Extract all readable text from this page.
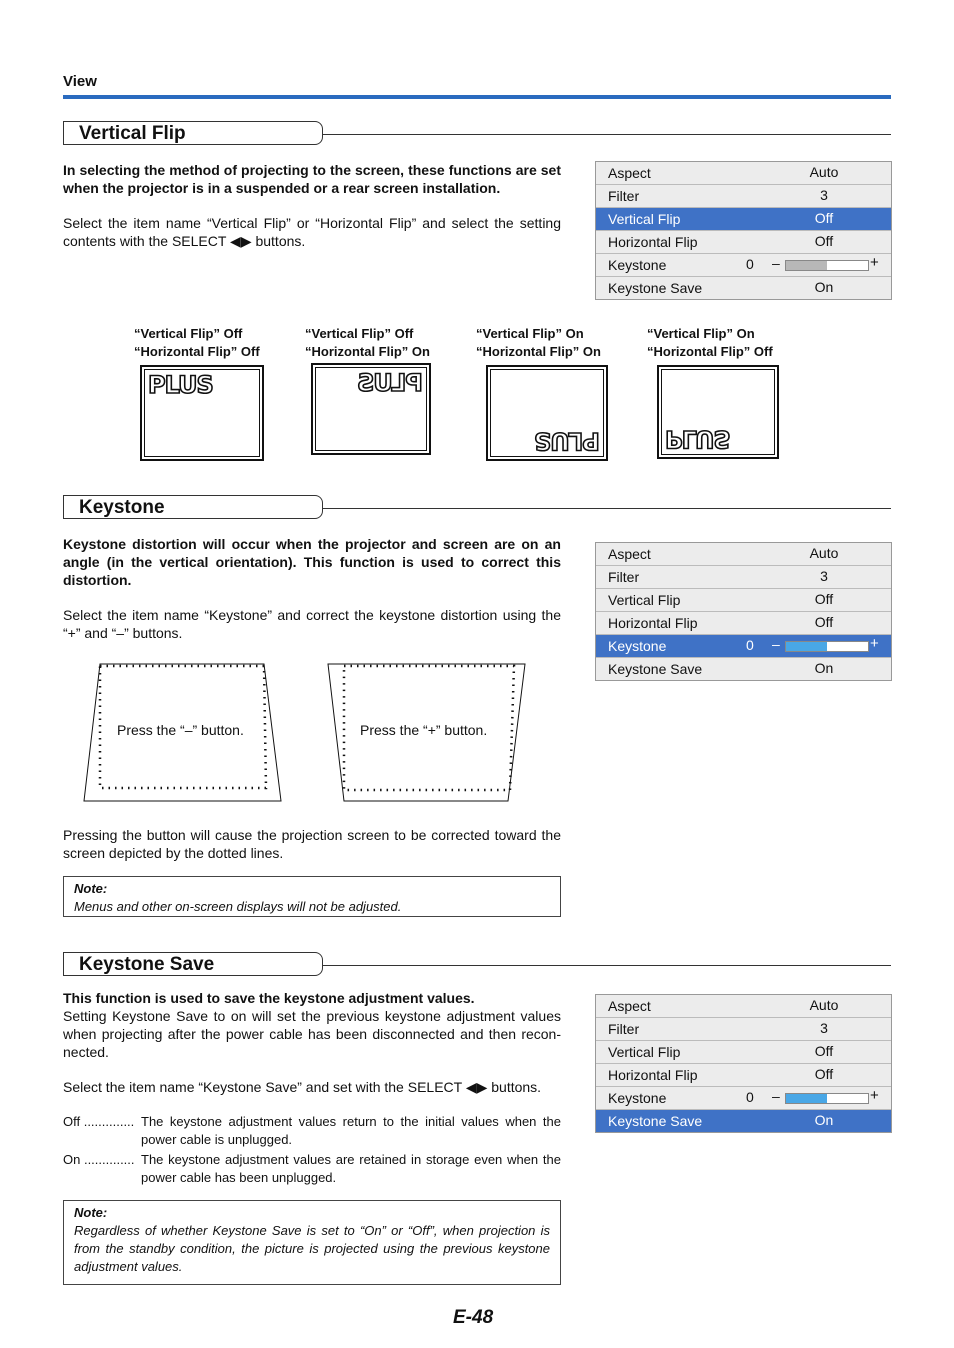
View
Vertical Flip
In selecting the method of projecting to the screen, these functions are set when the projector is in a suspended or a rear screen installation.
Select the item name “Vertical Flip” or “Horizontal Flip” and select the setting contents with the SELECT ◀▶ buttons.
Aspect	Auto
Filter	3
Vertical Flip	Off
Horizontal Flip	Off
Keystone	0 –	+
Keystone Save	On
“Vertical Flip” Off
“Horizontal Flip” Off
“Vertical Flip” Off
“Horizontal Flip” On
“Vertical Flip” On
“Horizontal Flip” On
“Vertical Flip” On
“Horizontal Flip” Off
PLUS	PLUS
PLUS	PLUS
Keystone
Keystone distortion will occur when the projector and screen are on an angle (in the vertical orientation). This function is used to correct this distortion.
Select the item name “Keystone” and correct the keystone distortion using the “+” and “–” buttons.
Aspect	Auto
Filter	3
Vertical Flip	Off
Horizontal Flip	Off
Keystone	0 –	+
Keystone Save	On
Press the “–” button.	Press the “+” button.
Pressing the button will cause the projection screen to be corrected toward the screen depicted by the dotted lines.
Note:
Menus and other on-screen displays will not be adjusted.
Keystone Save
This function is used to save the keystone adjustment values.
Setting Keystone Save to on will set the previous keystone adjustment values when projecting after the power cable has been disconnected and then recon-nected.
Select the item name “Keystone Save” and set with the SELECT ◀▶ buttons.
Off .............. The keystone adjustment values return to the initial values when the power cable is unplugged.
On .............. The keystone adjustment values are retained in storage even when the power cable has been unplugged.
Aspect	Auto
Filter	3
Vertical Flip	Off
Horizontal Flip	Off
Keystone	0 –	+
Keystone Save	On
Note:
Regardless of whether Keystone Save is set to “On” or “Off”, when projection is from the standby condition, the picture is projected using the previous keystone adjustment values.
E-48
